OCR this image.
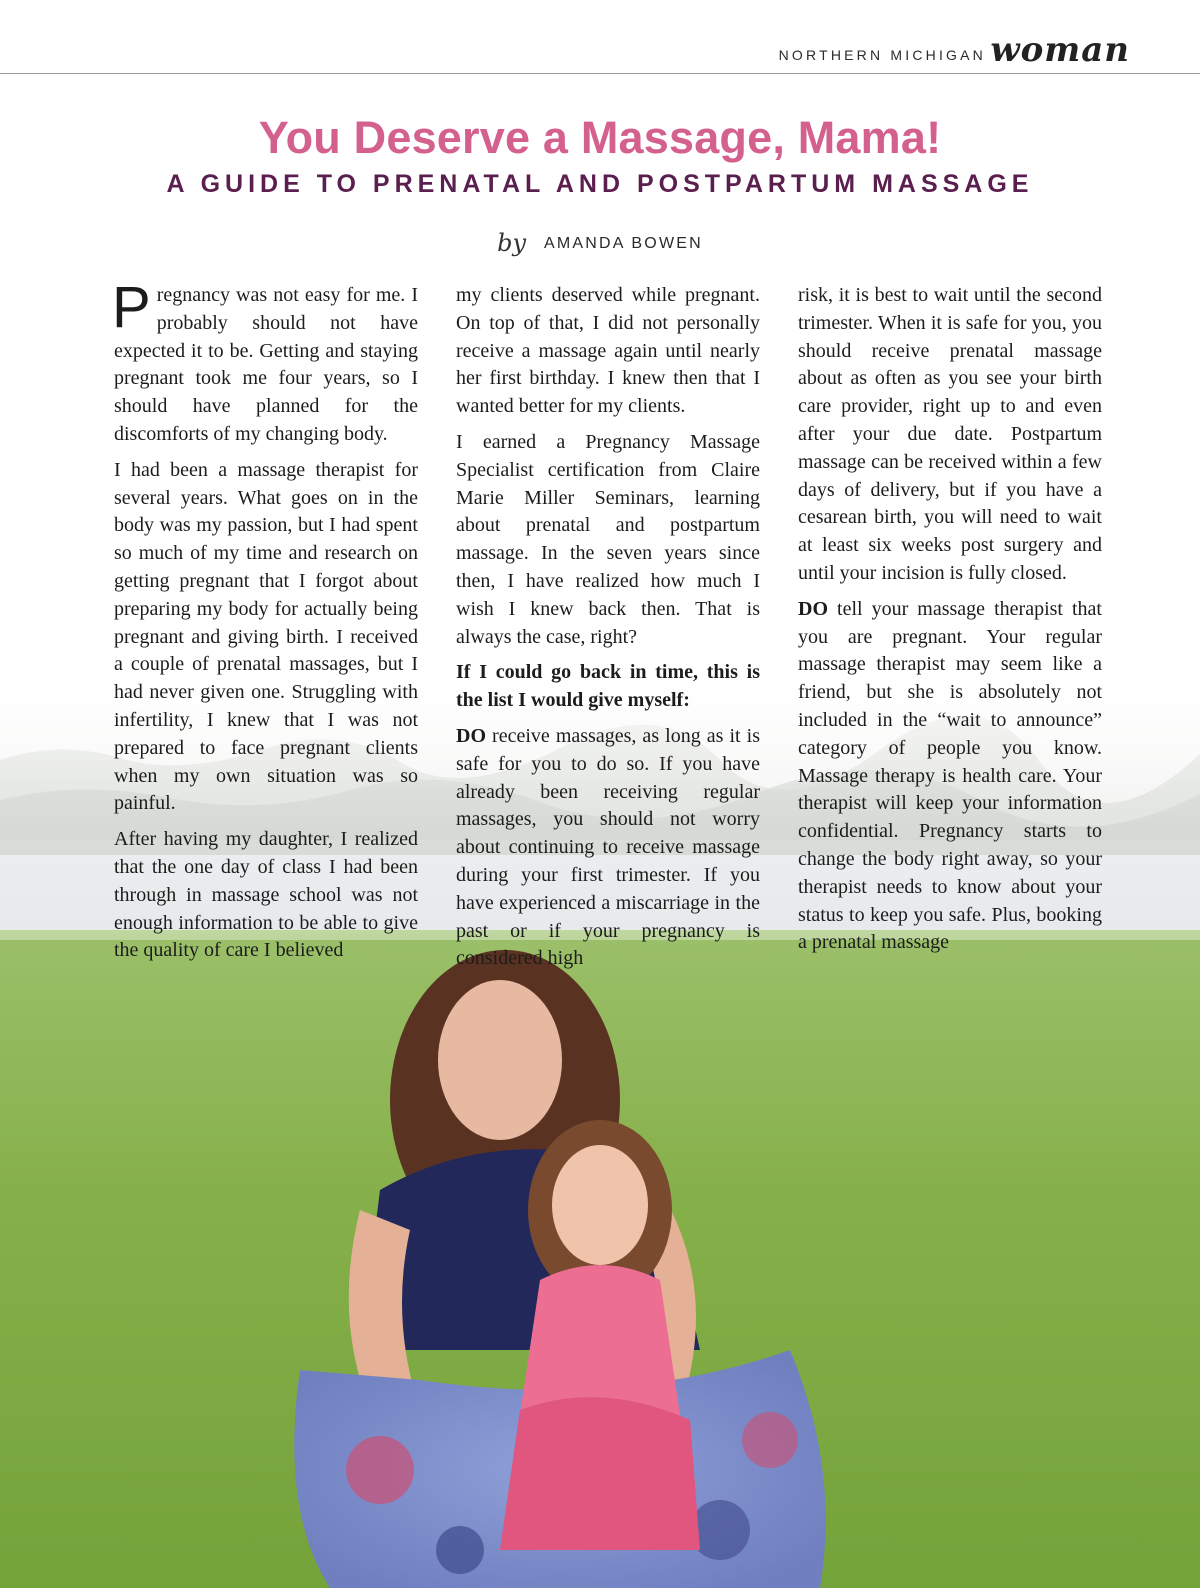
NORTHERN MICHIGAN woman
You Deserve a Massage, Mama!
A GUIDE TO PRENATAL AND POSTPARTUM MASSAGE
by AMANDA BOWEN

Pregnancy was not easy for me. I probably should not have expected it to be. Getting and staying pregnant took me four years, so I should have planned for the discomforts of my changing body.

I had been a massage therapist for several years. What goes on in the body was my passion, but I had spent so much of my time and research on getting pregnant that I forgot about preparing my body for actually being pregnant and giving birth. I received a couple of prenatal massages, but I had never given one. Struggling with infertility, I knew that I was not prepared to face pregnant clients when my own situation was so painful.

After having my daughter, I realized that the one day of class I had been through in massage school was not enough information to be able to give the quality of care I believed

my clients deserved while pregnant. On top of that, I did not personally receive a massage again until nearly her first birthday. I knew then that I wanted better for my clients.

I earned a Pregnancy Massage Specialist certification from Claire Marie Miller Seminars, learning about prenatal and postpartum massage. In the seven years since then, I have realized how much I wish I knew back then. That is always the case, right?

If I could go back in time, this is the list I would give myself:

DO receive massages, as long as it is safe for you to do so. If you have already been receiving regular massages, you should not worry about continuing to receive massage during your first trimester. If you have experienced a miscarriage in the past or if your pregnancy is considered high

risk, it is best to wait until the second trimester. When it is safe for you, you should receive prenatal massage about as often as you see your birth care provider, right up to and even after your due date. Postpartum massage can be received within a few days of delivery, but if you have a cesarean birth, you will need to wait at least six weeks post surgery and until your incision is fully closed.

DO tell your massage therapist that you are pregnant. Your regular massage therapist may seem like a friend, but she is absolutely not included in the “wait to announce” category of people you know. Massage therapy is health care. Your therapist will keep your information confidential. Pregnancy starts to change the body right away, so your therapist needs to know about your status to keep you safe. Plus, booking a prenatal massage
